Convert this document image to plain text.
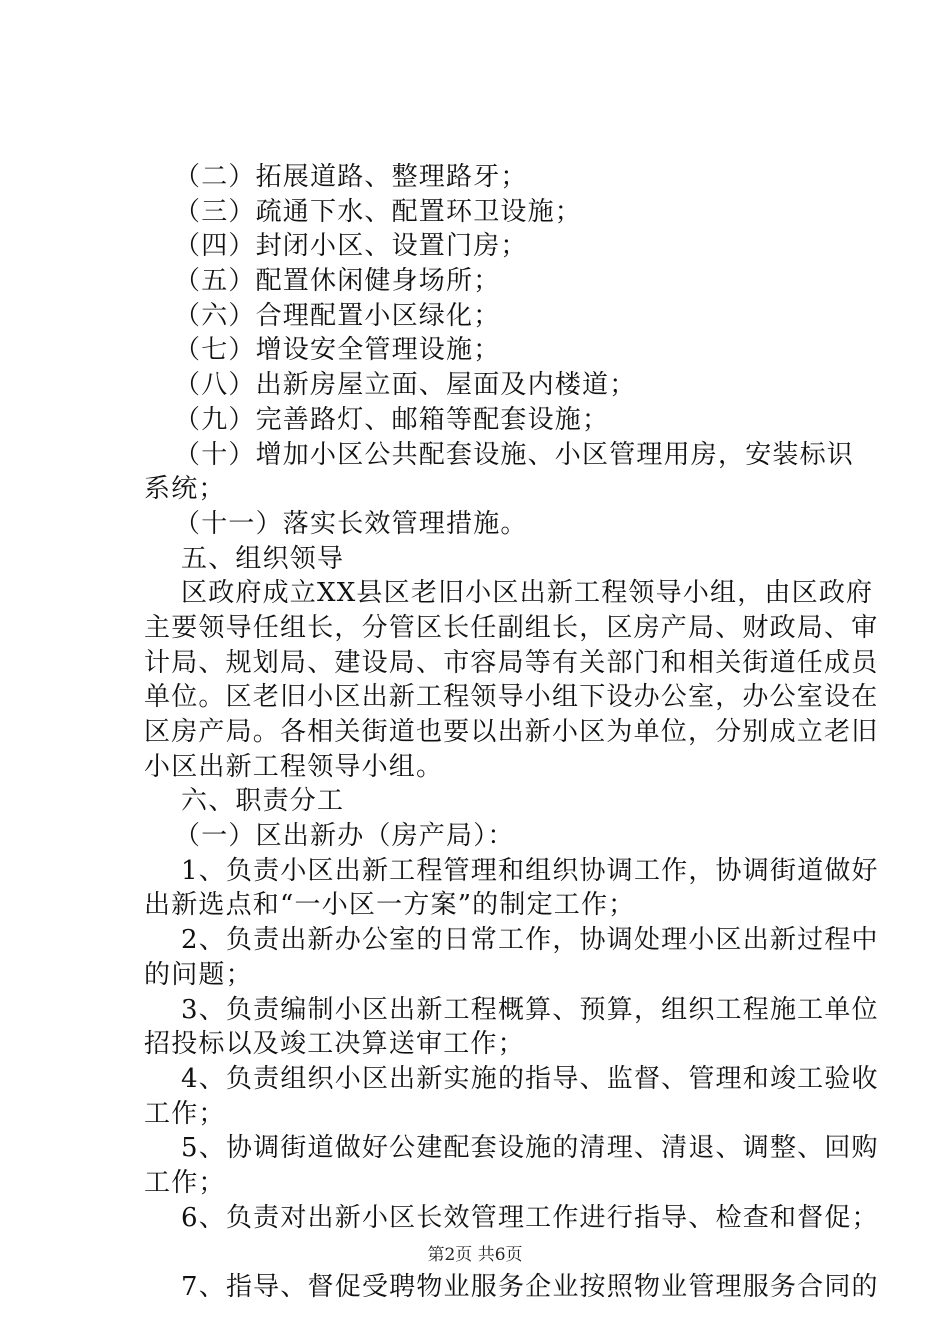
（二）拓展道路、整理路牙；
（三）疏通下水、配置环卫设施；
（四）封闭小区、设置门房；
（五）配置休闲健身场所；
（六）合理配置小区绿化；
（七）增设安全管理设施；
（八）出新房屋立面、屋面及内楼道；
（九）完善路灯、邮箱等配套设施；
（十）增加小区公共配套设施、小区管理用房，安装标识
系统；
（十一）落实长效管理措施。
五、组织领导
区政府成立XX县区老旧小区出新工程领导小组，由区政府
主要领导任组长，分管区长任副组长，区房产局、财政局、审
计局、规划局、建设局、市容局等有关部门和相关街道任成员
单位。区老旧小区出新工程领导小组下设办公室，办公室设在
区房产局。各相关街道也要以出新小区为单位，分别成立老旧
小区出新工程领导小组。
六、职责分工
（一）区出新办（房产局）：
1、负责小区出新工程管理和组织协调工作，协调街道做好
出新选点和“一小区一方案”的制定工作；
2、负责出新办公室的日常工作，协调处理小区出新过程中
的问题；
3、负责编制小区出新工程概算、预算，组织工程施工单位
招投标以及竣工决算送审工作；
4、负责组织小区出新实施的指导、监督、管理和竣工验收
工作；
5、协调街道做好公建配套设施的清理、清退、调整、回购
工作；
6、负责对出新小区长效管理工作进行指导、检查和督促；
7、指导、督促受聘物业服务企业按照物业管理服务合同的
第2页 共6页
